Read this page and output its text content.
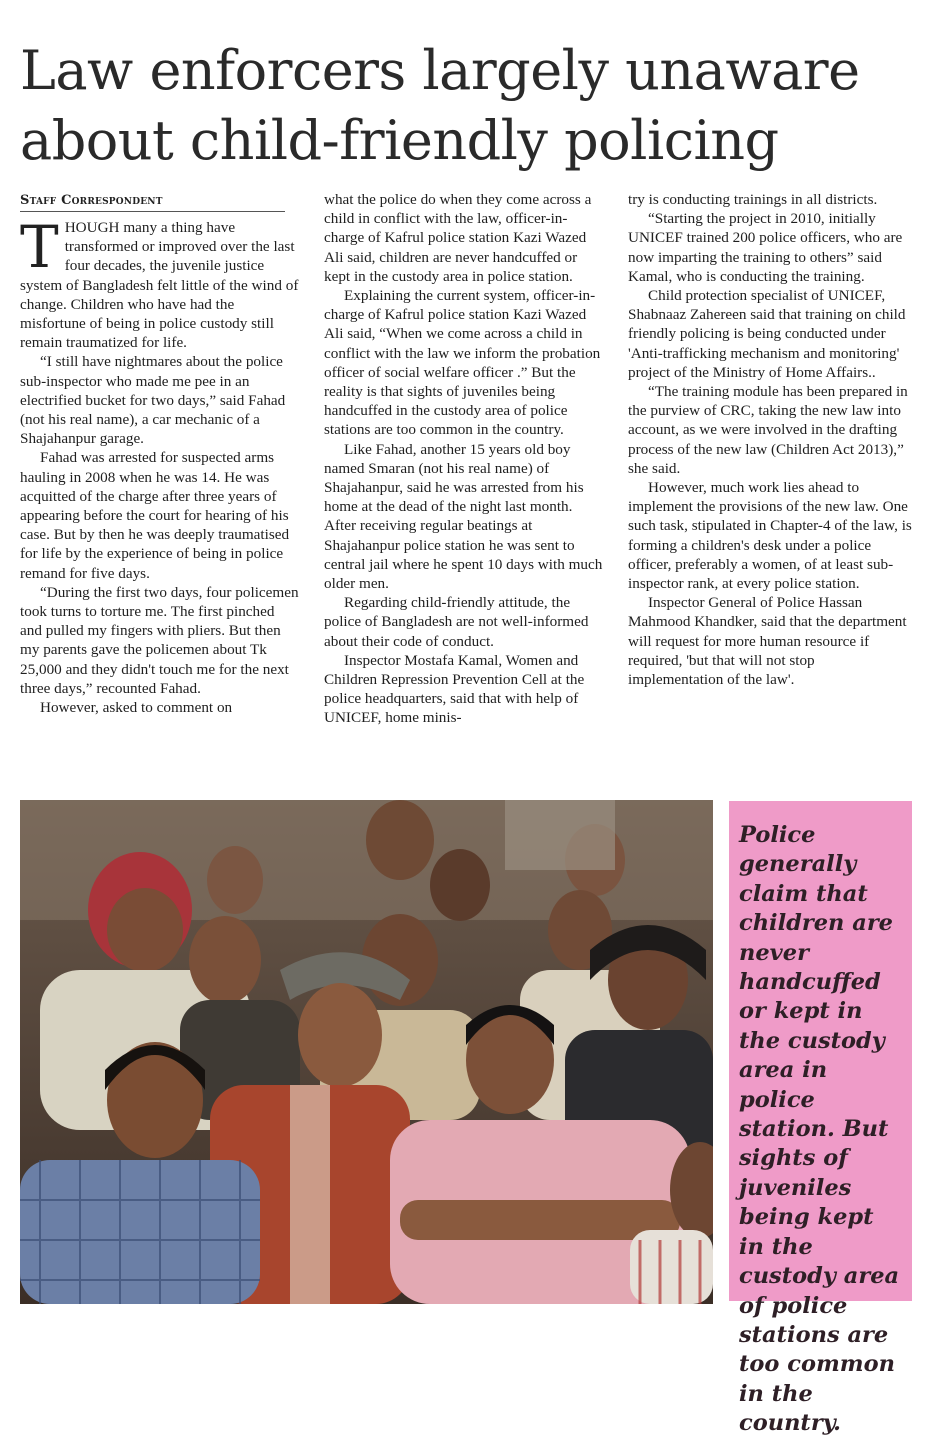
Law enforcers largely unaware about child-friendly policing
Staff Correspondent

THOUGH many a thing have transformed or improved over the last four decades, the juvenile justice system of Bangladesh felt little of the wind of change. Children who have had the misfortune of being in police custody still remain traumatized for life.

“I still have nightmares about the police sub-inspector who made me pee in an electrified bucket for two days,” said Fahad (not his real name), a car mechanic of a Shajahanpur garage.

Fahad was arrested for suspected arms hauling in 2008 when he was 14. He was acquitted of the charge after three years of appearing before the court for hearing of his case. But by then he was deeply traumatised for life by the experience of being in police remand for five days.

“During the first two days, four policemen took turns to torture me. The first pinched and pulled my fingers with pliers. But then my parents gave the policemen about Tk 25,000 and they didn't touch me for the next three days,” recounted Fahad.

However, asked to comment on

what the police do when they come across a child in conflict with the law, officer-in-charge of Kafrul police station Kazi Wazed Ali said, children are never handcuffed or kept in the custody area in police station.

Explaining the current system, officer-in-charge of Kafrul police station Kazi Wazed Ali said, “When we come across a child in conflict with the law we inform the probation officer of social welfare officer .” But the reality is that sights of juveniles being handcuffed in the custody area of police stations are too common in the country.

Like Fahad, another 15 years old boy named Smaran (not his real name) of Shajahanpur, said he was arrested from his home at the dead of the night last month. After receiving regular beatings at Shajahanpur police station he was sent to central jail where he spent 10 days with much older men.

Regarding child-friendly attitude, the police of Bangladesh are not well-informed about their code of conduct.

Inspector Mostafa Kamal, Women and Children Repression Prevention Cell at the police headquarters, said that with help of UNICEF, home minis-

try is conducting trainings in all districts.

“Starting the project in 2010, initially UNICEF trained 200 police officers, who are now imparting the training to others” said Kamal, who is conducting the training.

Child protection specialist of UNICEF, Shabnaaz Zahereen said that training on child friendly policing is being conducted under 'Anti-trafficking mechanism and monitoring' project of the Ministry of Home Affairs..

“The training module has been prepared in the purview of CRC, taking the new law into account, as we were involved in the drafting process of the new law (Children Act 2013),” she said.

However, much work lies ahead to implement the provisions of the new law. One such task, stipulated in Chapter-4 of the law, is forming a children's desk under a police officer, preferably a women, of at least sub-inspector rank, at every police station.

Inspector General of Police Hassan Mahmood Khandker, said that the department will request for more human resource if required, 'but that will not stop implementation of the law'.

Police generally claim that children are never handcuffed or kept in the custody area in police station. But sights of juveniles being kept in the custody area of police stations are too common in the country.
